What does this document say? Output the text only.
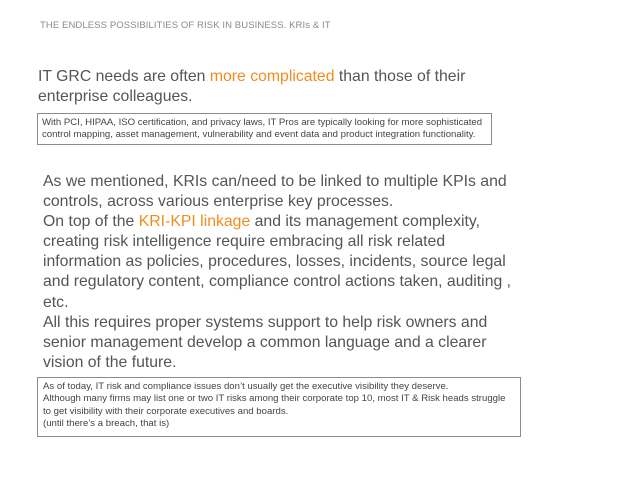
THE ENDLESS POSSIBILITIES OF RISK IN BUSINESS. KRIs & IT
IT GRC needs are often more complicated than those of their enterprise colleagues.
With PCI, HIPAA, ISO certification, and privacy laws, IT Pros are typically looking for more sophisticated control mapping, asset management, vulnerability and event data and product integration functionality.

As we mentioned, KRIs can/need to be linked to multiple KPIs and controls, across various enterprise key processes.

On top of the KRI-KPI linkage and its management complexity, creating risk intelligence require embracing all risk related information as policies, procedures, losses, incidents, source legal and regulatory content, compliance control actions taken, auditing , etc.

All this requires proper systems support to help risk owners and senior management develop a common language and a clearer vision of the future.

As of today, IT risk and compliance issues don’t usually get the executive visibility they deserve.

Although many firms may list one or two IT risks among their corporate top 10, most IT & Risk heads struggle to get visibility with their corporate executives and boards.

(until there’s a breach, that is)
